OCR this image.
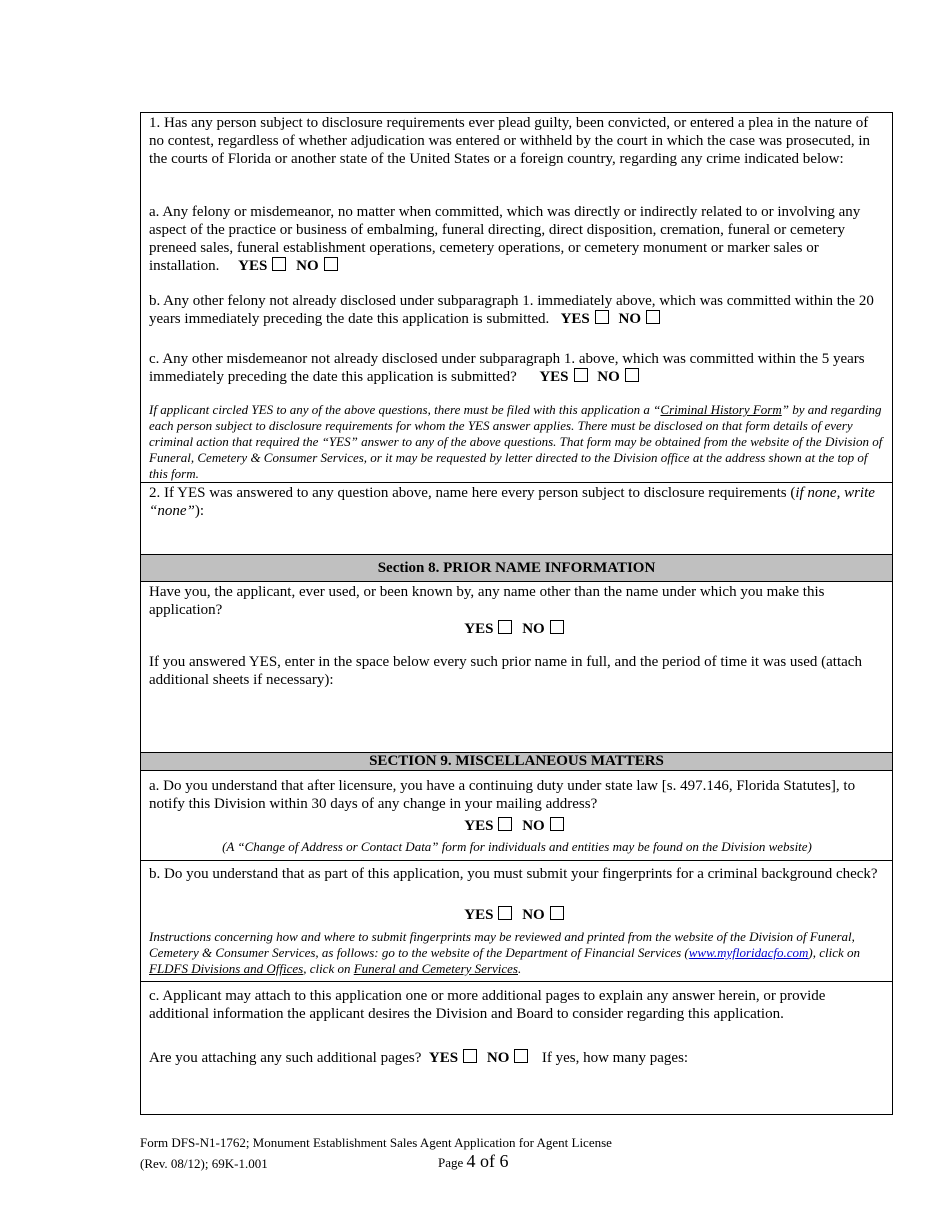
1. Has any person subject to disclosure requirements ever plead guilty, been convicted, or entered a plea in the nature of no contest, regardless of whether adjudication was entered or withheld by the court in which the case was prosecuted, in the courts of Florida or another state of the United States or a foreign country, regarding any crime indicated below:
a. Any felony or misdemeanor, no matter when committed, which was directly or indirectly related to or involving any aspect of the practice or business of embalming, funeral directing, direct disposition, cremation, funeral or cemetery preneed sales, funeral establishment operations, cemetery operations, or cemetery monument or marker sales or installation. YES NO
b. Any other felony not already disclosed under subparagraph 1. immediately above, which was committed within the 20 years immediately preceding the date this application is submitted. YES NO
c. Any other misdemeanor not already disclosed under subparagraph 1. above, which was committed within the 5 years immediately preceding the date this application is submitted? YES NO
If applicant circled YES to any of the above questions, there must be filed with this application a “Criminal History Form” by and regarding each person subject to disclosure requirements for whom the YES answer applies. There must be disclosed on that form details of every criminal action that required the “YES” answer to any of the above questions. That form may be obtained from the website of the Division of Funeral, Cemetery & Consumer Services, or it may be requested by letter directed to the Division office at the address shown at the top of this form.
2. If YES was answered to any question above, name here every person subject to disclosure requirements (if none, write “none”):
Section 8. PRIOR NAME INFORMATION
Have you, the applicant, ever used, or been known by, any name other than the name under which you make this application?
YES NO
If you answered YES, enter in the space below every such prior name in full, and the period of time it was used (attach additional sheets if necessary):
SECTION 9. MISCELLANEOUS MATTERS
a. Do you understand that after licensure, you have a continuing duty under state law [s. 497.146, Florida Statutes], to notify this Division within 30 days of any change in your mailing address?
YES NO
(A “Change of Address or Contact Data” form for individuals and entities may be found on the Division website)
b. Do you understand that as part of this application, you must submit your fingerprints for a criminal background check?
YES NO
Instructions concerning how and where to submit fingerprints may be reviewed and printed from the website of the Division of Funeral, Cemetery & Consumer Services, as follows: go to the website of the Department of Financial Services (www.myfloridacfo.com), click on FLDFS Divisions and Offices, click on Funeral and Cemetery Services.
c. Applicant may attach to this application one or more additional pages to explain any answer herein, or provide additional information the applicant desires the Division and Board to consider regarding this application.
Are you attaching any such additional pages? YES NO If yes, how many pages:
Form DFS-N1-1762; Monument Establishment Sales Agent Application for Agent License
(Rev. 08/12); 69K-1.001	Page 4 of 6
